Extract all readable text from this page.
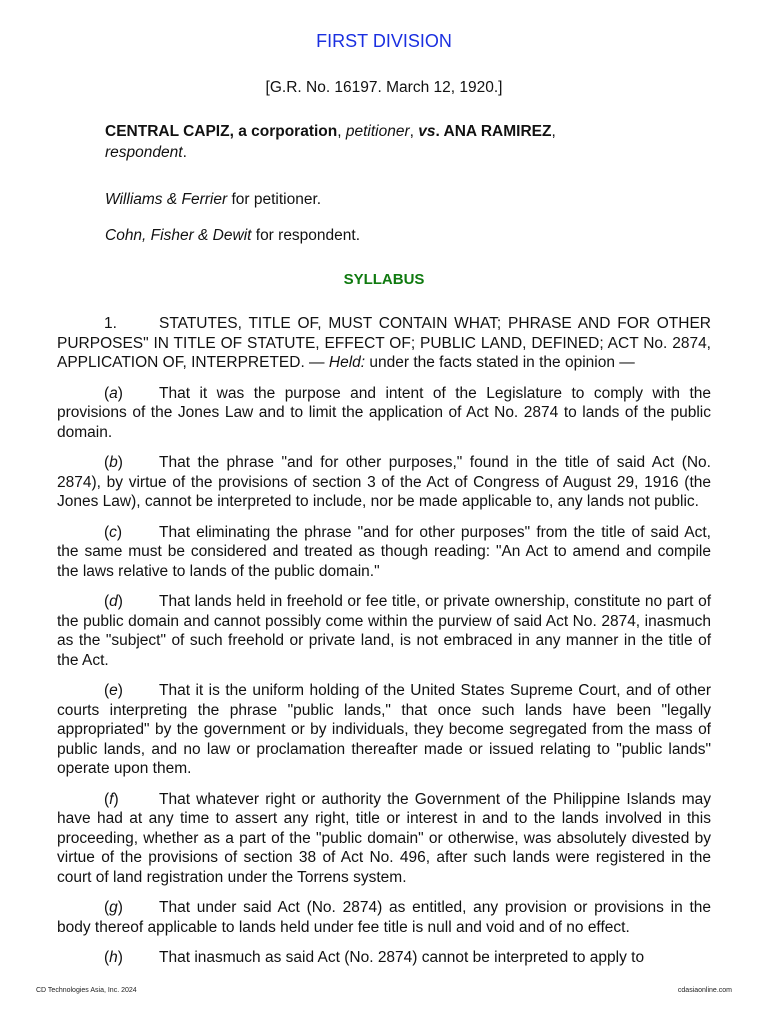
FIRST DIVISION
[G.R. No. 16197. March 12, 1920.]
CENTRAL CAPIZ, a corporation, petitioner, vs. ANA RAMIREZ,
respondent.
Williams & Ferrier for petitioner.
Cohn, Fisher & Dewit for respondent.
SYLLABUS

1.	STATUTES, TITLE OF, MUST CONTAIN WHAT; PHRASE AND FOR OTHER PURPOSES" IN TITLE OF STATUTE, EFFECT OF; PUBLIC LAND, DEFINED; ACT No. 2874, APPLICATION OF, INTERPRETED. — Held: under the facts stated in the opinion —

(a) That it was the purpose and intent of the Legislature to comply with the provisions of the Jones Law and to limit the application of Act No. 2874 to lands of the public domain.

(b) That the phrase "and for other purposes," found in the title of said Act (No. 2874), by virtue of the provisions of section 3 of the Act of Congress of August 29, 1916 (the Jones Law), cannot be interpreted to include, nor be made applicable to, any lands not public.

(c) That eliminating the phrase "and for other purposes" from the title of said Act, the same must be considered and treated as though reading: "An Act to amend and compile the laws relative to lands of the public domain."

(d) That lands held in freehold or fee title, or private ownership, constitute no part of the public domain and cannot possibly come within the purview of said Act No. 2874, inasmuch as the "subject" of such freehold or private land, is not embraced in any manner in the title of the Act.

(e) That it is the uniform holding of the United States Supreme Court, and of other courts interpreting the phrase "public lands," that once such lands have been "legally appropriated" by the government or by individuals, they become segregated from the mass of public lands, and no law or proclamation thereafter made or issued relating to "public lands" operate upon them.

(f)	That whatever right or authority the Government of the Philippine Islands may have had at any time to assert any right, title or interest in and to the lands involved in this proceeding, whether as a part of the "public domain" or otherwise, was absolutely divested by virtue of the provisions of section 38 of Act No. 496, after such lands were registered in the court of land registration under the Torrens system.

(g) That under said Act (No. 2874) as entitled, any provision or provisions in the body thereof applicable to lands held under fee title is null and void and of no effect.

(h) That inasmuch as said Act (No. 2874) cannot be interpreted to apply to

CD Technologies Asia, Inc. 2024	cdasiaonline.com
